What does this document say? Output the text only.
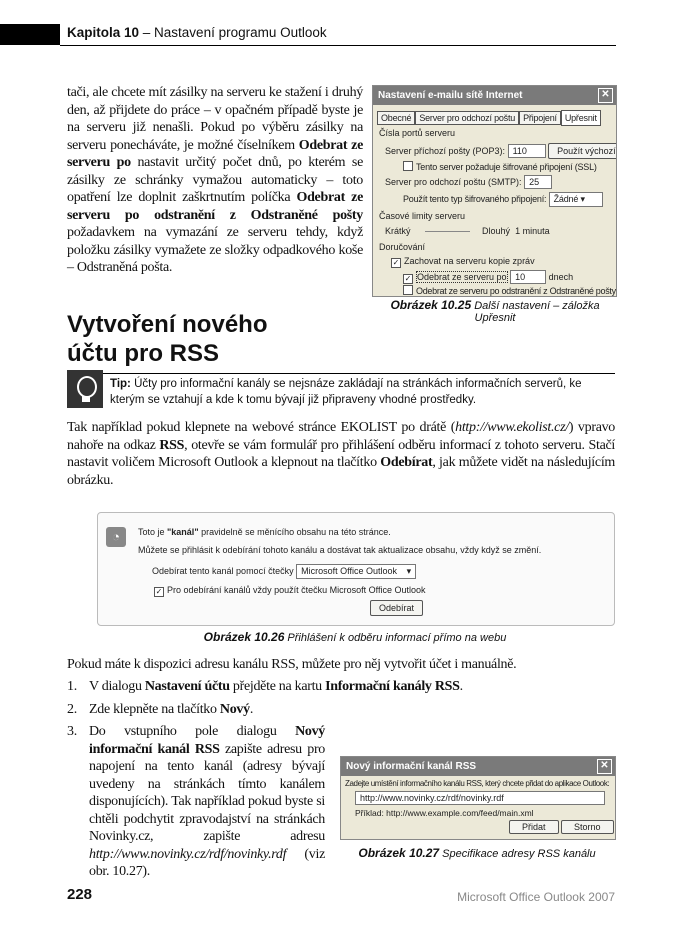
Kapitola 10 – Nastavení programu Outlook
tači, ale chcete mít zásilky na serveru ke stažení i druhý den, až přijdete do práce – v opačném případě byste je na serveru již nenašli. Pokud po výběru zásilky na serveru ponecháváte, je možné číselníkem Odebrat ze serveru po nastavit určitý počet dnů, po kterém se zásilky ze schránky vymažou automaticky – toto opatření lze doplnit zaškrtnutím políčka Odebrat ze serveru po odstranění z Odstraněné pošty požadavkem na vymazání ze serveru tehdy, když položku zásilky vymažete ze složky odpadkového koše – Odstraněná pošta.
Nastavení e-mailu sítě Internet	✕
Obecné Server pro odchozí poštu Připojení Upřesnit
Čísla portů serveru
Server příchozí pošty (POP3): 110	Použít výchozí
Tento server požaduje šifrované připojení (SSL)
Server pro odchozí poštu (SMTP): 25
Použít tento typ šifrovaného připojení: Žádné ▾
Časové limity serveru
Krátký	Dlouhý 1 minuta
Doručování
✓ Zachovat na serveru kopie zpráv
✓ Odebrat ze serveru po 10	dnech
Odebrat ze serveru po odstranění z Odstraněné pošty
Obrázek 10.25 Další nastavení – záložka Upřesnit
Vytvoření nového účtu pro RSS
Tip: Účty pro informační kanály se nejsnáze zakládají na stránkách informačních serverů, ke kterým se vztahují a kde k tomu bývají již připraveny vhodné prostředky.
Tak například pokud klepnete na webové stránce EKOLIST po drátě (http://www.ekolist.cz/) vpravo nahoře na odkaz RSS, otevře se vám formulář pro přihlášení odběru informací z tohoto serveru. Stačí nastavit voličem Microsoft Outlook a klepnout na tlačítko Odebírat, jak můžete vidět na následujícím obrázku.
◔	Toto je "kanál" pravidelně se měnícího obsahu na této stránce.
Můžete se přihlásit k odebírání tohoto kanálu a dostávat tak aktualizace obsahu, vždy když se změní.
Odebírat tento kanál pomocí čtečky Microsoft Office Outlook ▾
✓ Pro odebírání kanálů vždy použít čtečku Microsoft Office Outlook
Odebírat
Obrázek 10.26 Přihlášení k odběru informací přímo na webu
Pokud máte k dispozici adresu kanálu RSS, můžete pro něj vytvořit účet i manuálně.
1. V dialogu Nastavení účtu přejděte na kartu Informační kanály RSS.
2. Zde klepněte na tlačítko Nový.
3. Do vstupního pole dialogu Nový informační kanál RSS zapište adresu pro napojení na tento kanál (adresy bývají uvedeny na stránkách tímto kanálem disponujících). Tak například pokud byste si chtěli podchytit zpravodajství na stránkách Novinky.cz, zapište adresu http://www.novinky.cz/rdf/novinky.rdf (viz obr. 10.27).
Nový informační kanál RSS	✕
Zadejte umístění informačního kanálu RSS, který chcete přidat do aplikace Outlook:
http://www.novinky.cz/rdf/novinky.rdf
Příklad: http://www.example.com/feed/main.xml
Přidat	Storno
Obrázek 10.27 Specifikace adresy RSS kanálu
228	Microsoft Office Outlook 2007
